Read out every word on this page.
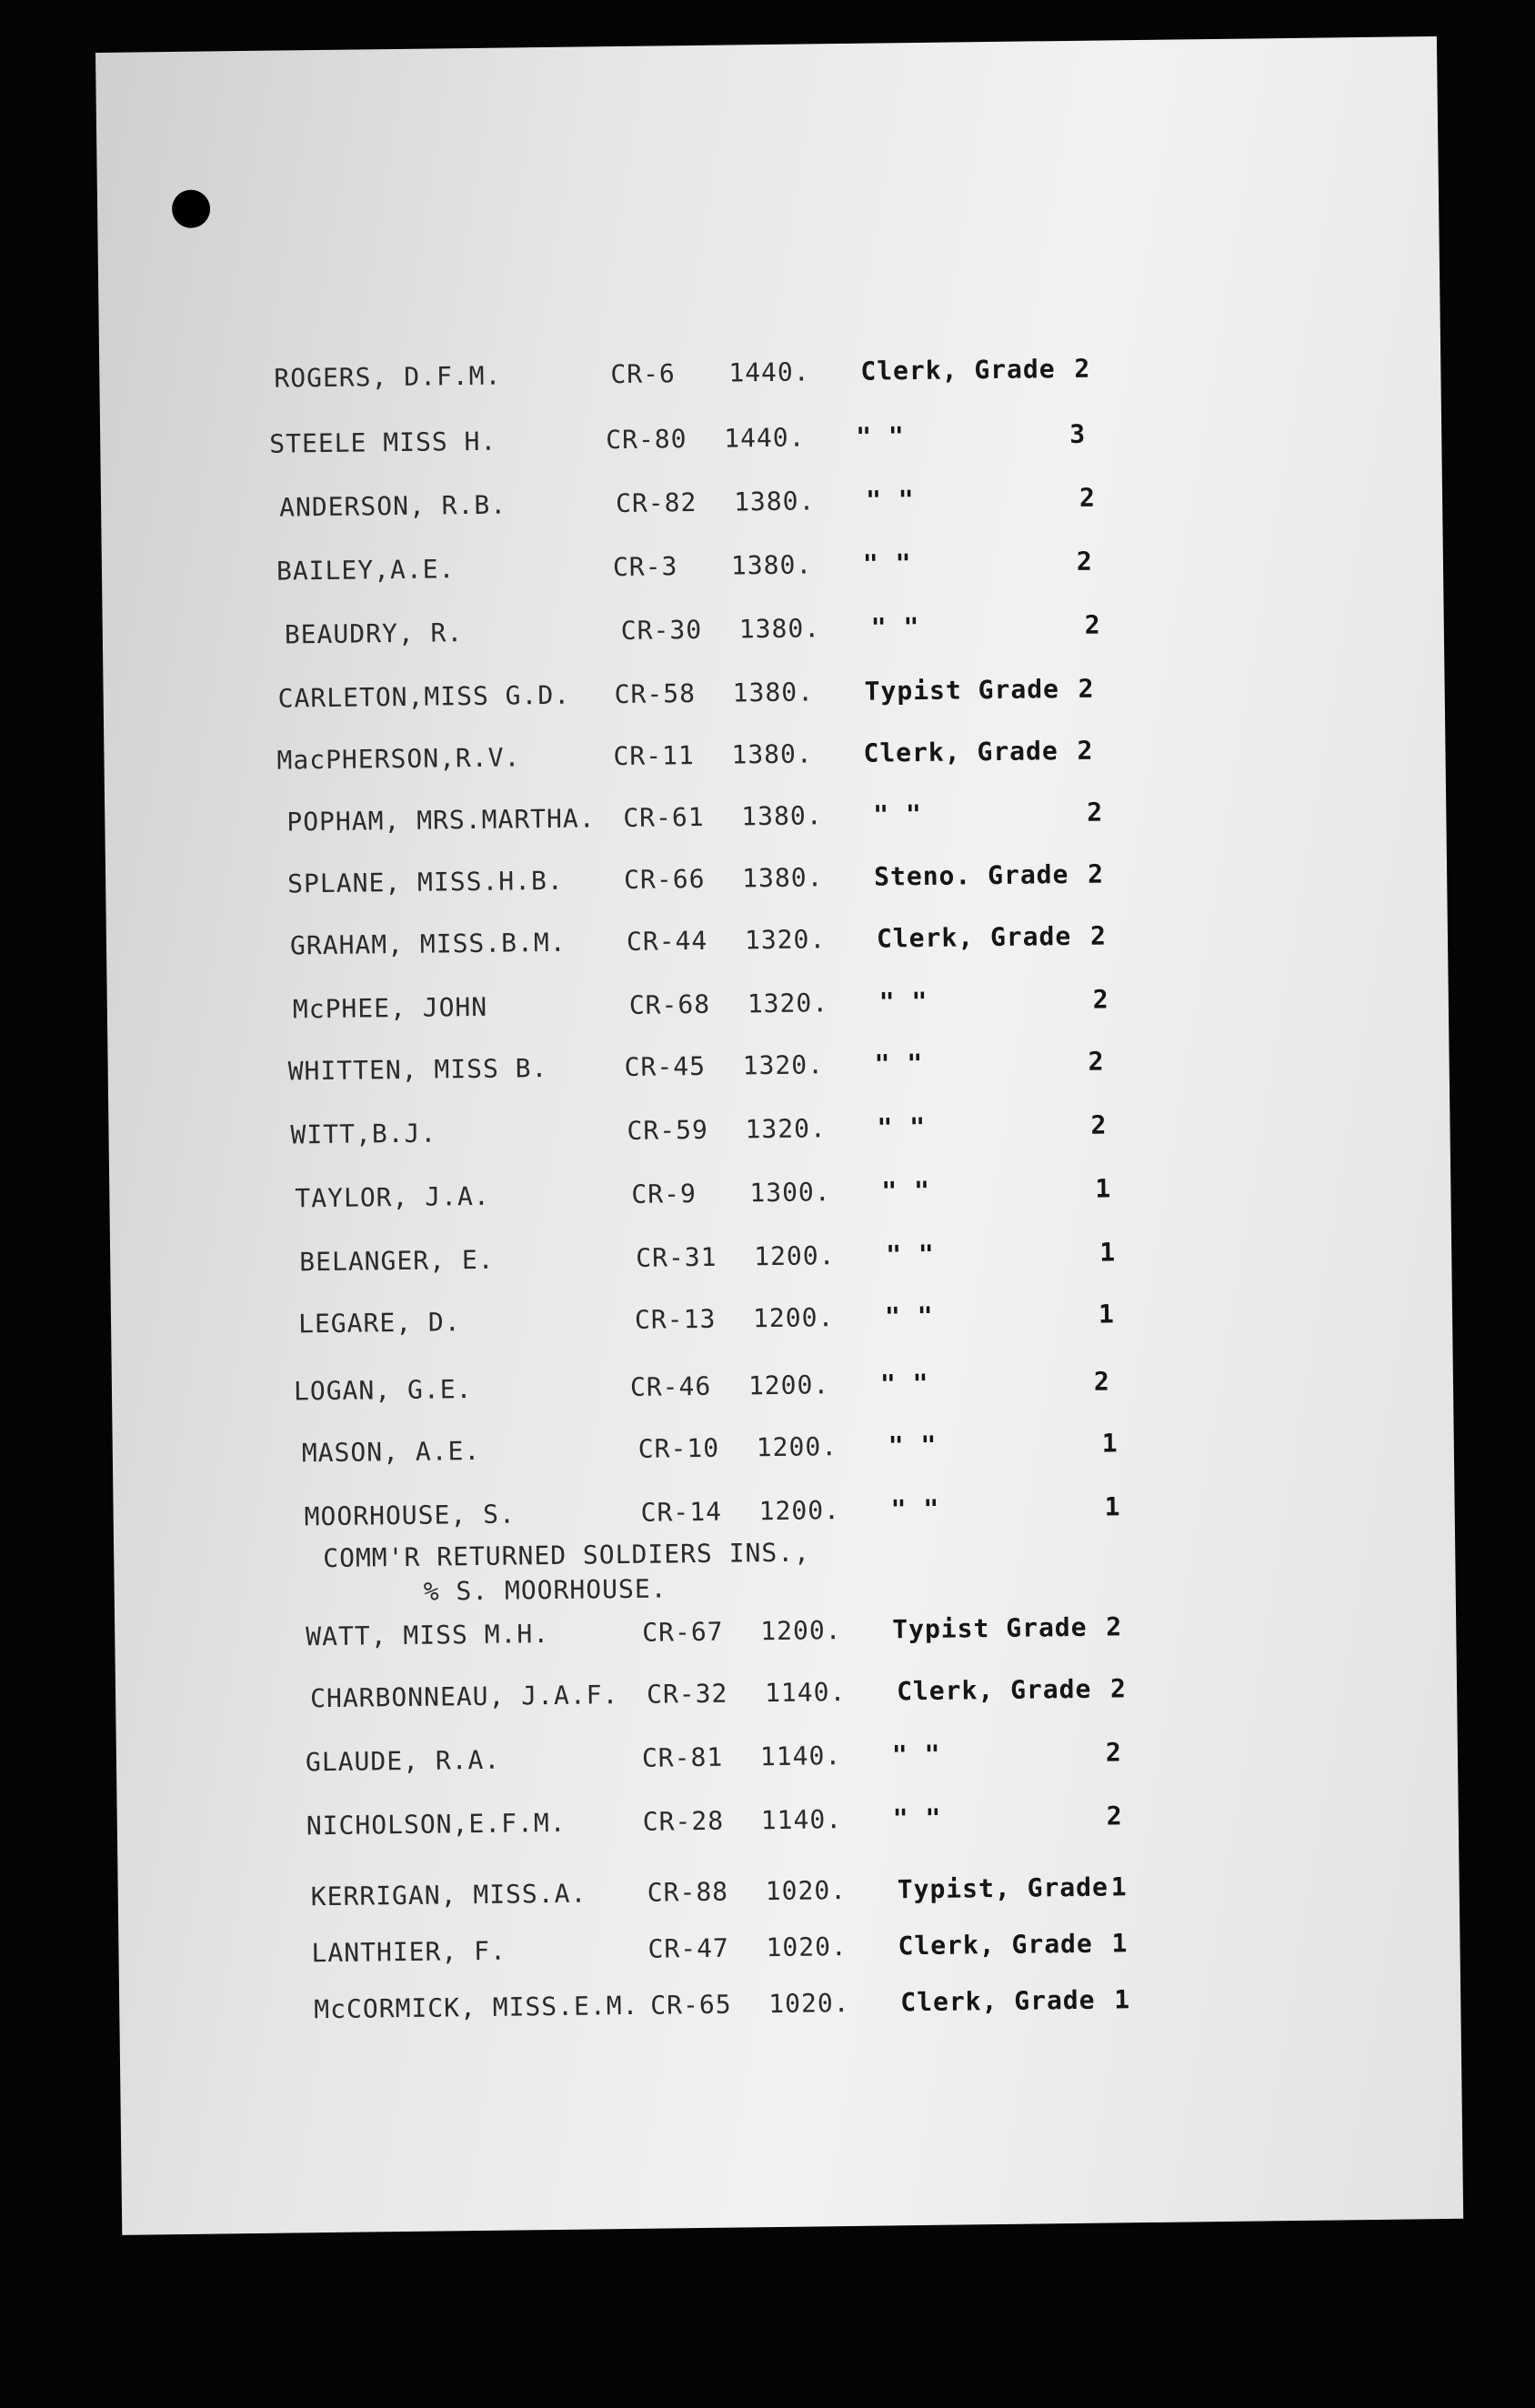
ROGERS, D.F.M.	CR-6 1440. Clerk, Grade 2
STEELE MISS H.	CR-80 1440. " "	3
ANDERSON, R.B.	CR-82 1380. " "	2
BAILEY,A.E.	CR-3 1380. " "	2
BEAUDRY, R.	CR-30 1380. " "	2
CARLETON,MISS G.D. CR-58 1380. Typist Grade 2
MacPHERSON,R.V.	CR-11 1380. Clerk, Grade 2
POPHAM, MRS.MARTHA. CR-61 1380. " "	2
SPLANE, MISS.H.B. CR-66 1380. Steno. Grade 2
GRAHAM, MISS.B.M. CR-44 1320. Clerk, Grade 2
McPHEE, JOHN	CR-68 1320. " "	2
WHITTEN, MISS B.	CR-45 1320. " "	2
WITT,B.J.	CR-59 1320. " "	2
TAYLOR, J.A.	CR-9 1300. " "	1
BELANGER, E.	CR-31 1200. " "	1
LEGARE, D.	CR-13 1200. " "	1
LOGAN, G.E.	CR-46 1200. " "	2
MASON, A.E.	CR-10 1200. " "	1
MOORHOUSE, S.	CR-14 1200. " "	1
WATT, MISS M.H.	CR-67 1200. Typist Grade 2
CHARBONNEAU, J.A.F. CR-32 1140. Clerk, Grade 2
GLAUDE, R.A.	CR-81 1140. " "	2
NICHOLSON,E.F.M.	CR-28 1140. " "	2
KERRIGAN, MISS.A. CR-88 1020. Typist, Grade 1
LANTHIER, F.	CR-47 1020. Clerk, Grade 1
McCORMICK, MISS.E.M. CR-65 1020. Clerk, Grade 1
COMM'R RETURNED SOLDIERS INS.,
% S. MOORHOUSE.
